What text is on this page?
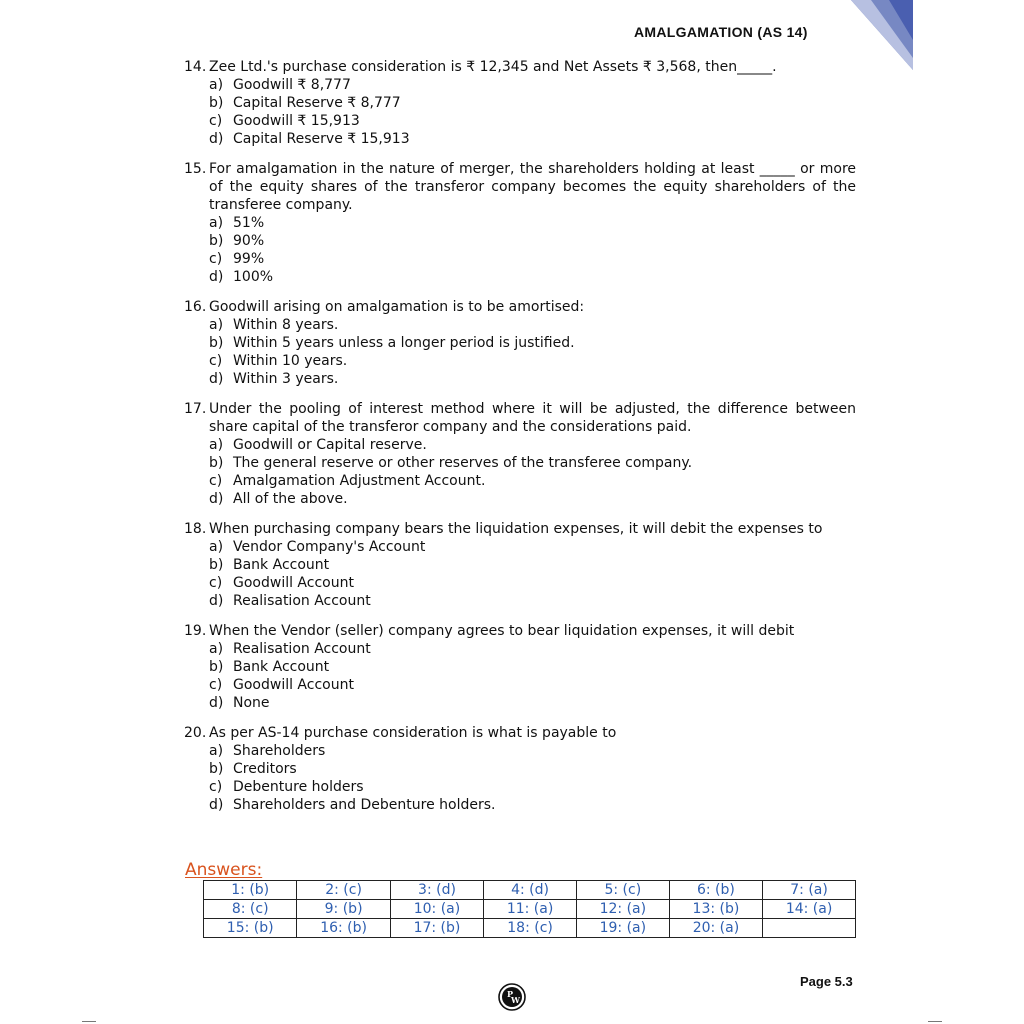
AMALGAMATION (AS 14)
14. Zee Ltd.'s purchase consideration is ₹ 12,345 and Net Assets ₹ 3,568, then_____.
a) Goodwill ₹ 8,777
b) Capital Reserve ₹ 8,777
c) Goodwill ₹ 15,913
d) Capital Reserve ₹ 15,913
15. For amalgamation in the nature of merger, the shareholders holding at least _____ or more of the equity shares of the transferor company becomes the equity shareholders of the transferee company.
a) 51%
b) 90%
c) 99%
d) 100%
16. Goodwill arising on amalgamation is to be amortised:
a) Within 8 years.
b) Within 5 years unless a longer period is justified.
c) Within 10 years.
d) Within 3 years.
17. Under the pooling of interest method where it will be adjusted, the difference between share capital of the transferor company and the considerations paid.
a) Goodwill or Capital reserve.
b) The general reserve or other reserves of the transferee company.
c) Amalgamation Adjustment Account.
d) All of the above.
18. When purchasing company bears the liquidation expenses, it will debit the expenses to
a) Vendor Company's Account
b) Bank Account
c) Goodwill Account
d) Realisation Account
19. When the Vendor (seller) company agrees to bear liquidation expenses, it will debit
a) Realisation Account
b) Bank Account
c) Goodwill Account
d) None
20. As per AS-14 purchase consideration is what is payable to
a) Shareholders
b) Creditors
c) Debenture holders
d) Shareholders and Debenture holders.
Answers:
1: (b)	2: (c)	3: (d)	4: (d)	5: (c)	6: (b)	7: (a)
8: (c)	9: (b)	10: (a)	11: (a)	12: (a)	13: (b)	14: (a)
15: (b)	16: (b)	17: (b)	18: (c)	19: (a)	20: (a)	
Page 5.3
P
W
